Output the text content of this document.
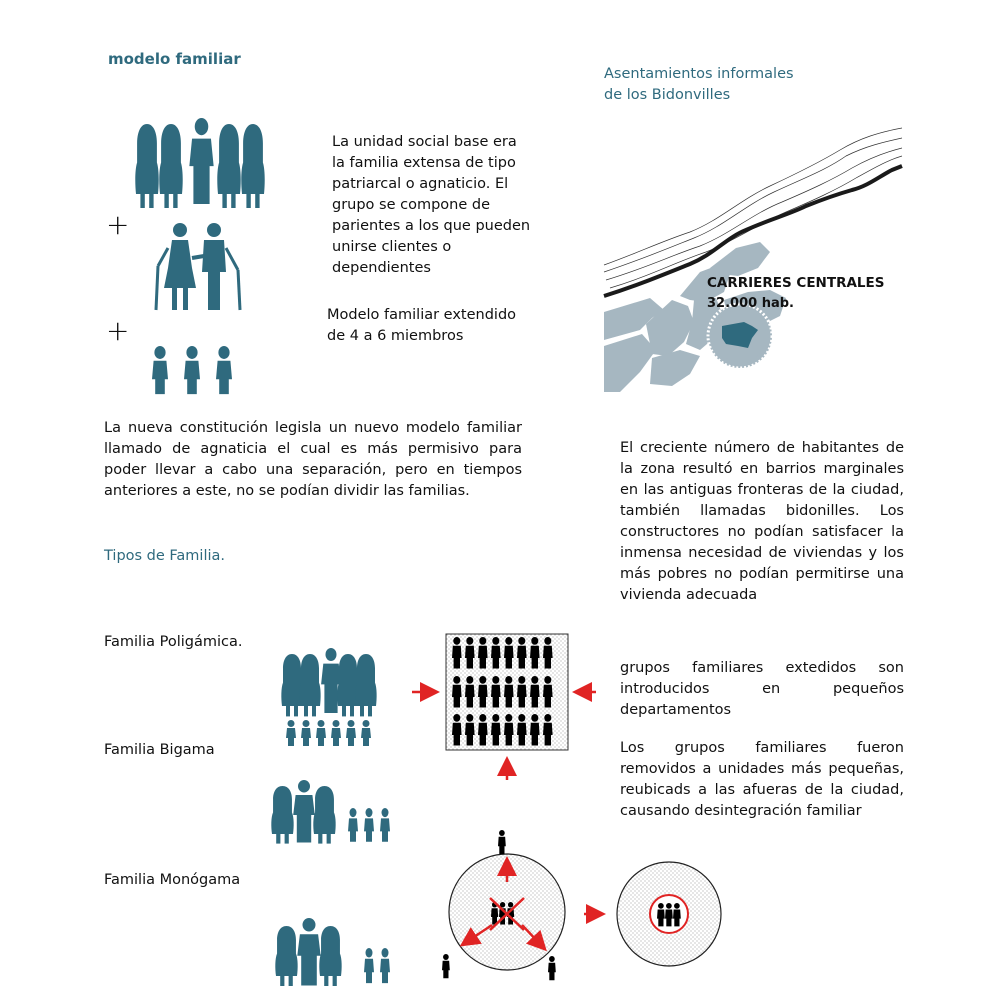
modelo familiar
La unidad social base era la familia extensa de tipo patriarcal o agnaticio. El grupo se compone de parientes a los que pueden unirse clientes o dependientes
Modelo familiar extendido de 4 a 6 miembros
+
+
La nueva constitución legisla un nuevo modelo familiar llamado de agnaticia el cual es más permisivo para poder llevar a cabo una separación, pero en tiempos anteriores a este, no se podían dividir las familias.
Tipos de Familia.
Familia Poligámica.
Familia Bigama
Familia Monógama
Asentamientos informales
de los Bidonvilles
El creciente número de habitantes de la zona resultó en barrios marginales en las antiguas fronteras de la ciudad, también llamadas bidonilles. Los constructores no podían satisfacer la inmensa necesidad de viviendas y los más pobres no podían permitirse una vivienda adecuada
grupos familiares extedidos son introducidos en pequeños departamentos
Los grupos familiares fueron removidos a unidades más pequeñas, reubicads a las afueras de la ciudad, causando desintegración familiar
CARRIERES CENTRALES
32.000 hab.
